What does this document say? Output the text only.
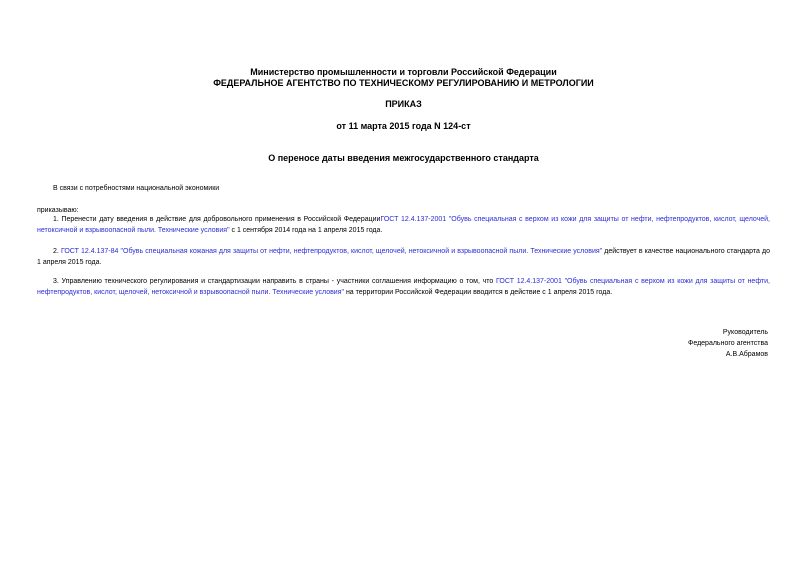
Министерство промышленности и торговли Российской Федерации
ФЕДЕРАЛЬНОЕ АГЕНТСТВО ПО ТЕХНИЧЕСКОМУ РЕГУЛИРОВАНИЮ И МЕТРОЛОГИИ
ПРИКАЗ
от 11 марта 2015 года N 124-ст
О переносе даты введения межгосударственного стандарта
В связи с потребностями национальной экономики
приказываю:
1. Перенести дату введения в действие для добровольного применения в Российской ФедерацииГОСТ 12.4.137-2001 "Обувь специальная с верхом из кожи для защиты от нефти, нефтепродуктов, кислот, щелочей, нетоксичной и взрывоопасной пыли. Технические условия" с 1 сентября 2014 года на 1 апреля 2015 года.
2. ГОСТ 12.4.137-84 "Обувь специальная кожаная для защиты от нефти, нефтепродуктов, кислот, щелочей, нетоксичной и взрывоопасной пыли. Технические условия" действует в качестве национального стандарта до 1 апреля 2015 года.
3. Управлению технического регулирования и стандартизации направить в страны - участники соглашения информацию о том, что ГОСТ 12.4.137-2001 "Обувь специальная с верхом из кожи для защиты от нефти, нефтепродуктов, кислот, щелочей, нетоксичной и взрывоопасной пыли. Технические условия" на территории Российской Федерации вводится в действие с 1 апреля 2015 года.
Руководитель
Федерального агентства
А.В.Абрамов
